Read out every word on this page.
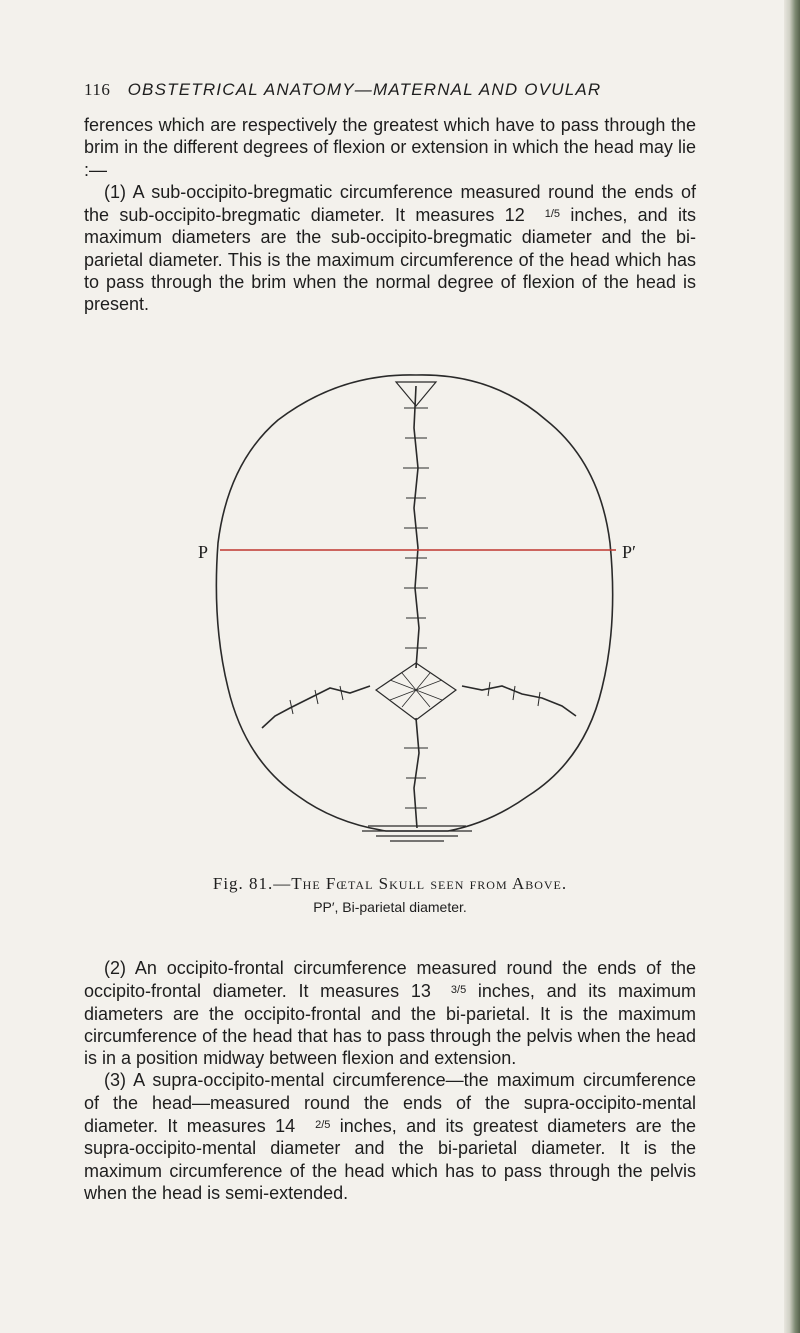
116 OBSTETRICAL ANATOMY—MATERNAL AND OVULAR

ferences which are respectively the greatest which have to pass through the brim in the different degrees of flexion or extension in which the head may lie :—

(1) A sub-occipito-bregmatic circumference measured round the ends of the sub-occipito-bregmatic diameter. It measures 12 1/5 inches, and its maximum diameters are the sub-occipito-bregmatic diameter and the bi-parietal diameter. This is the maximum circumference of the head which has to pass through the brim when the normal degree of flexion of the head is present.

P	P′
Fig. 81.—The Fœtal Skull seen from Above.
PP′, Bi-parietal diameter.

(2) An occipito-frontal circumference measured round the ends of the occipito-frontal diameter. It measures 13 3/5 inches, and its maximum diameters are the occipito-frontal and the bi-parietal. It is the maximum circumference of the head that has to pass through the pelvis when the head is in a position midway between flexion and extension.

(3) A supra-occipito-mental circumference—the maximum circumference of the head—measured round the ends of the supra-occipito-mental diameter. It measures 14 2/5 inches, and its greatest diameters are the supra-occipito-mental diameter and the bi-parietal diameter. It is the maximum circumference of the head which has to pass through the pelvis when the head is semi-extended.
